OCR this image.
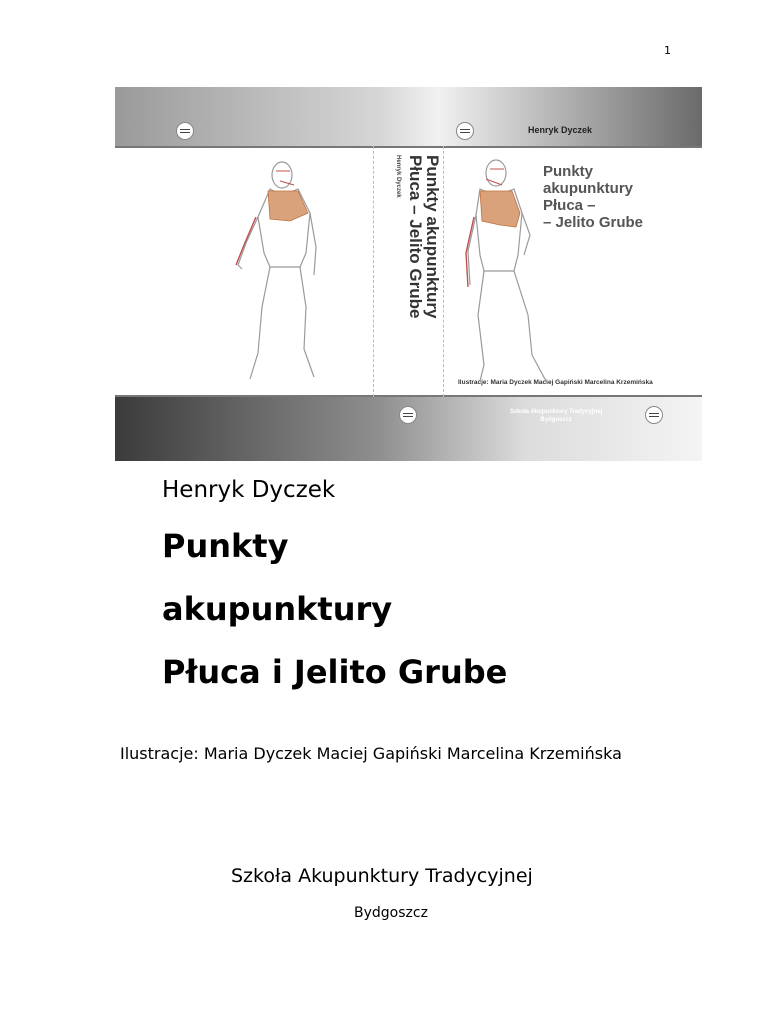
1
Henryk Dyczek
Punkty akupunktury
Płuca – Jelito Grube
Henryk Dyczek	Punkty
akupunktury
Płuca –
– Jelito Grube
Ilustracje: Maria Dyczek Maciej Gapiński Marcelina Krzemińska
Szkoła Akupunktury Tradycyjnej
Bydgoszcz
Henryk Dyczek
Punkty
akupunktury
Płuca i Jelito Grube
Ilustracje: Maria Dyczek Maciej Gapiński Marcelina Krzemińska
Szkoła Akupunktury Tradycyjnej
Bydgoszcz
